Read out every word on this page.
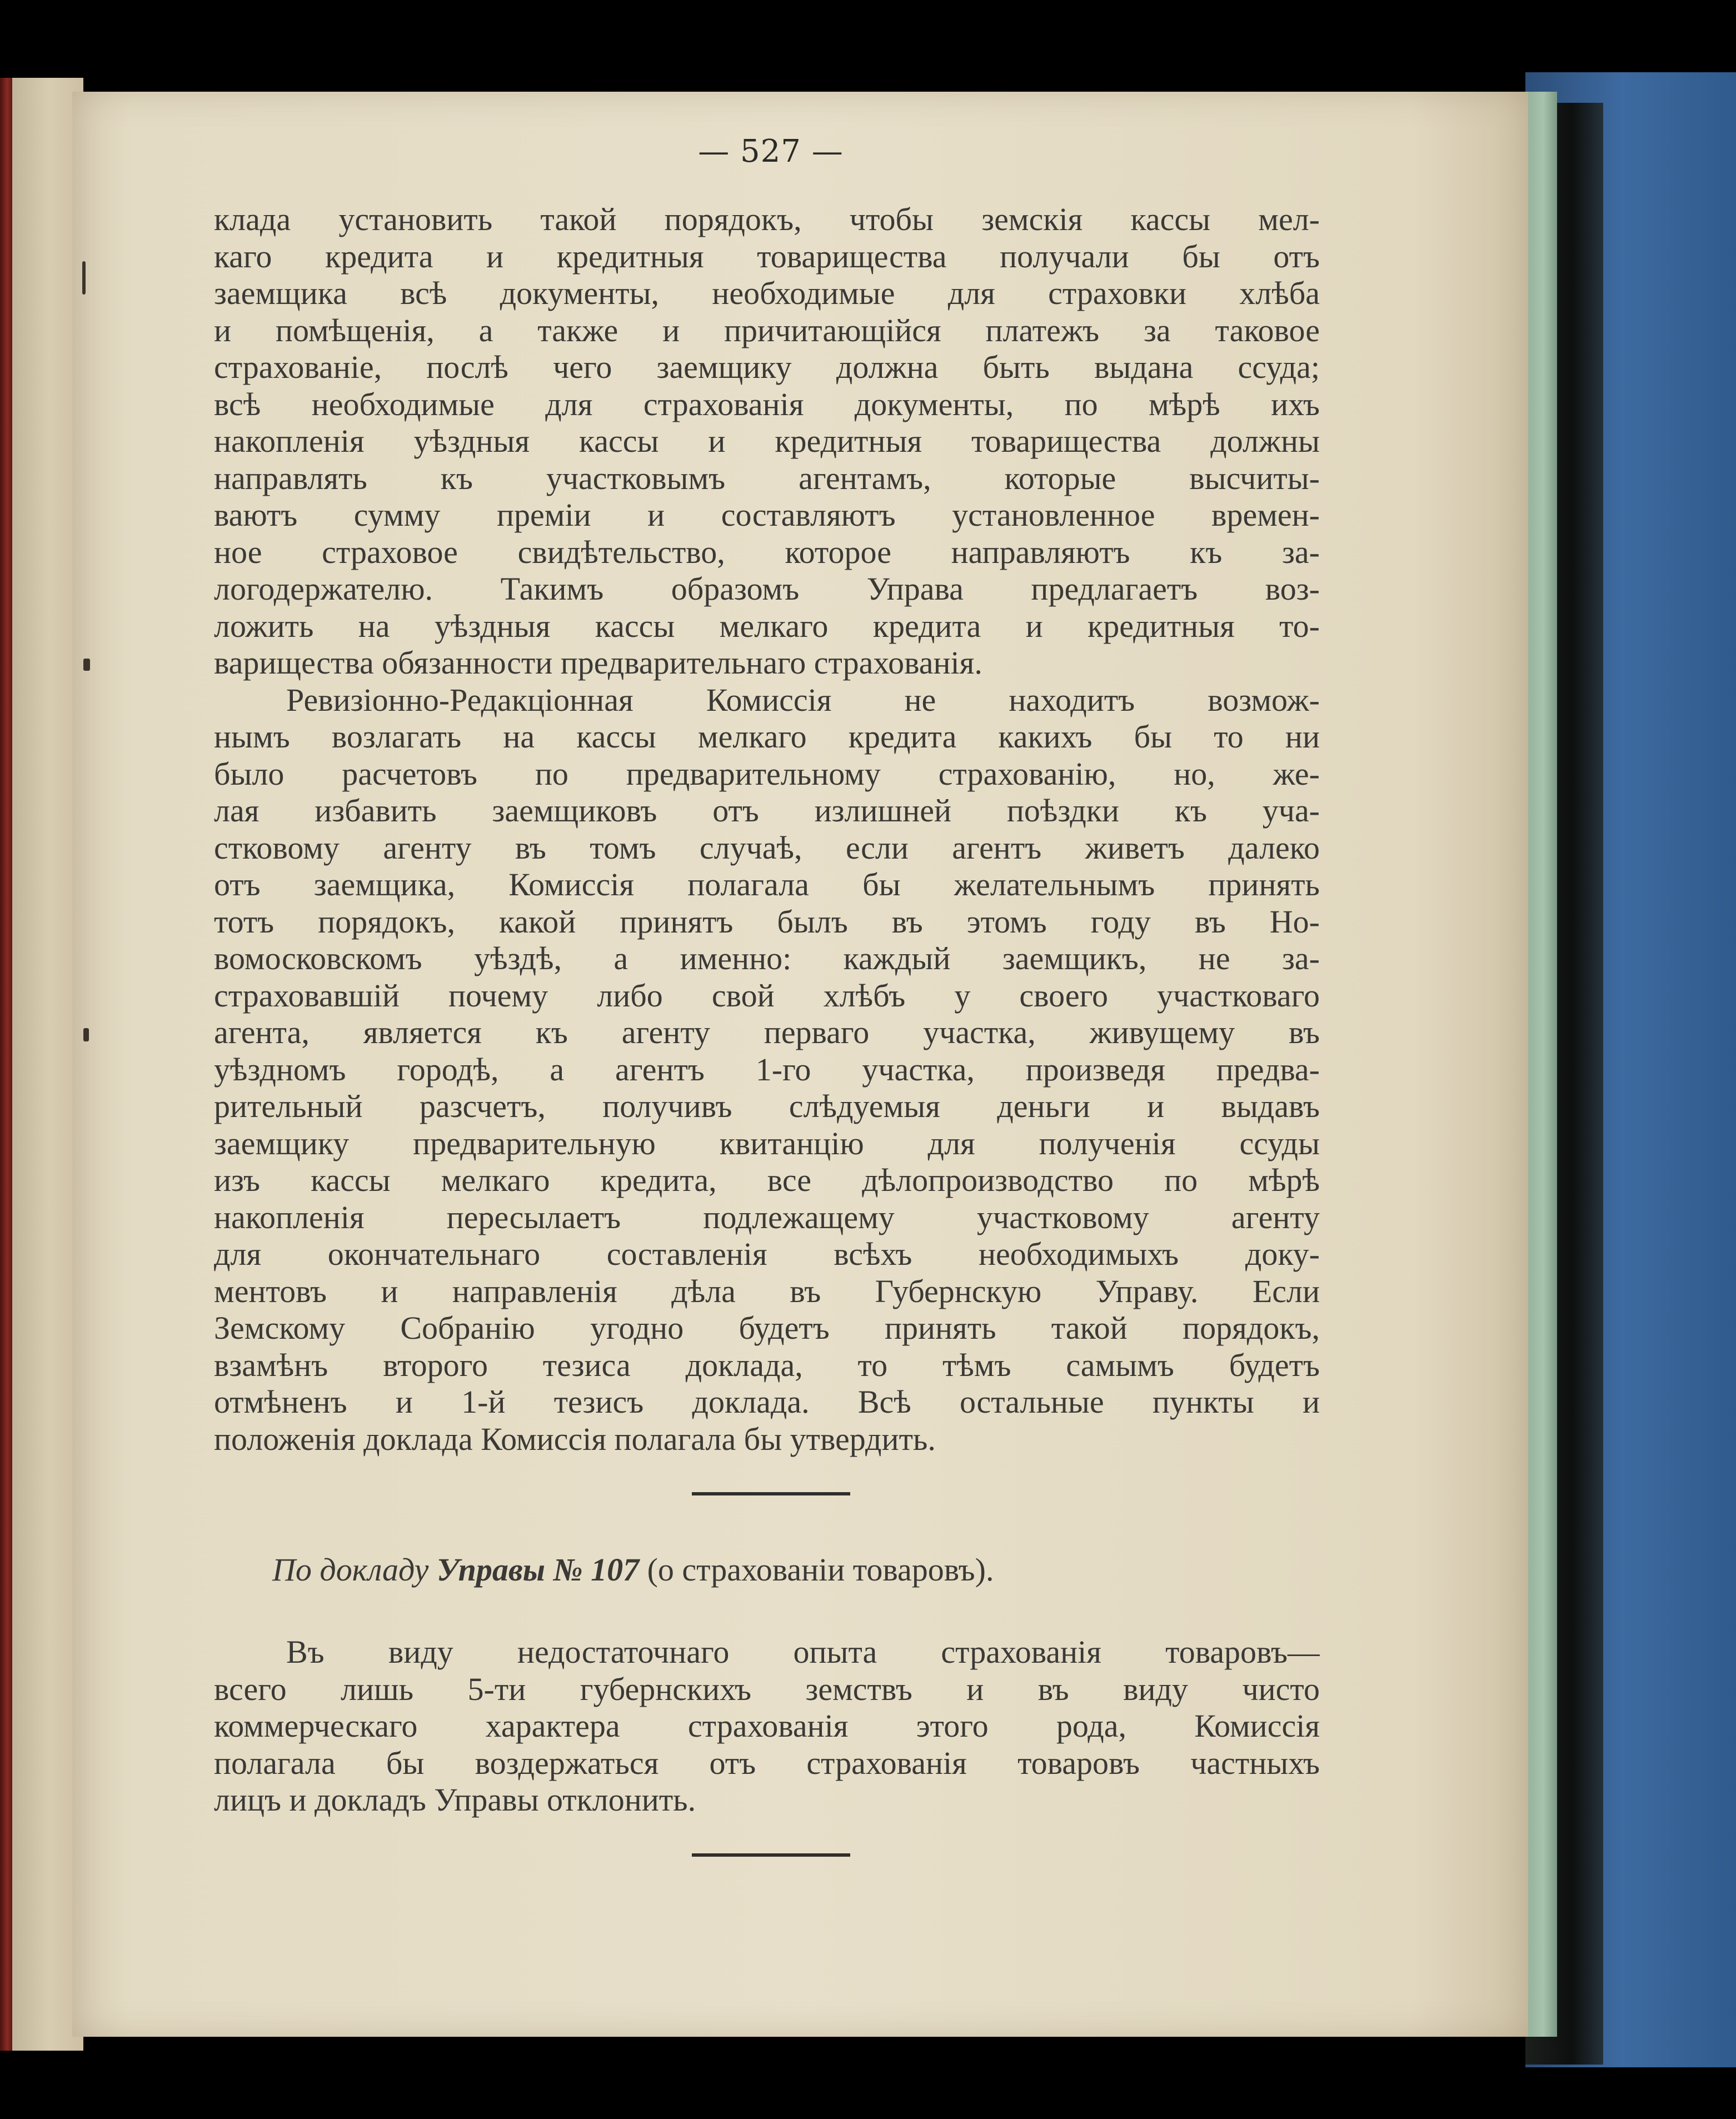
— 527 —
клада установить такой порядокъ, чтобы земскія кассы мел-
каго кредита и кредитныя товарищества получали бы отъ
заемщика всѣ документы, необходимые для страховки хлѣба
и помѣщенія, а также и причитающійся платежъ за таковое
страхованіе, послѣ чего заемщику должна быть выдана ссуда;
всѣ необходимые для страхованія документы, по мѣрѣ ихъ
накопленія уѣздныя кассы и кредитныя товарищества должны
направлять къ участковымъ агентамъ, которые высчиты-
ваютъ сумму преміи и составляютъ установленное времен-
ное страховое свидѣтельство, которое направляютъ къ за-
логодержателю. Такимъ образомъ Управа предлагаетъ воз-
ложить на уѣздныя кассы мелкаго кредита и кредитныя то-
варищества обязанности предварительнаго страхованія.
Ревизіонно-Редакціонная Комиссія не находитъ возмож-
нымъ возлагать на кассы мелкаго кредита какихъ бы то ни
было расчетовъ по предварительному страхованію, но, же-
лая избавить заемщиковъ отъ излишней поѣздки къ уча-
стковому агенту въ томъ случаѣ, если агентъ живетъ далеко
отъ заемщика, Комиссія полагала бы желательнымъ принять
тотъ порядокъ, какой принятъ былъ въ этомъ году въ Но-
вомосковскомъ уѣздѣ, а именно: каждый заемщикъ, не за-
страховавшій почему либо свой хлѣбъ у своего участковаго
агента, является къ агенту перваго участка, живущему въ
уѣздномъ городѣ, а агентъ 1-го участка, произведя предва-
рительный разсчетъ, получивъ слѣдуемыя деньги и выдавъ
заемщику предварительную квитанцію для полученія ссуды
изъ кассы мелкаго кредита, все дѣлопроизводство по мѣрѣ
накопленія пересылаетъ подлежащему участковому агенту
для окончательнаго составленія всѣхъ необходимыхъ доку-
ментовъ и направленія дѣла въ Губернскую Управу. Если
Земскому Собранію угодно будетъ принять такой порядокъ,
взамѣнъ второго тезиса доклада, то тѣмъ самымъ будетъ
отмѣненъ и 1-й тезисъ доклада. Всѣ остальные пункты и
положенія доклада Комиссія полагала бы утвердить.
По докладу Управы № 107 (о страхованіи товаровъ).
Въ виду недостаточнаго опыта страхованія товаровъ—
всего лишь 5-ти губернскихъ земствъ и въ виду чисто
коммерческаго характера страхованія этого рода, Комиссія
полагала бы воздержаться отъ страхованія товаровъ частныхъ
лицъ и докладъ Управы отклонить.
